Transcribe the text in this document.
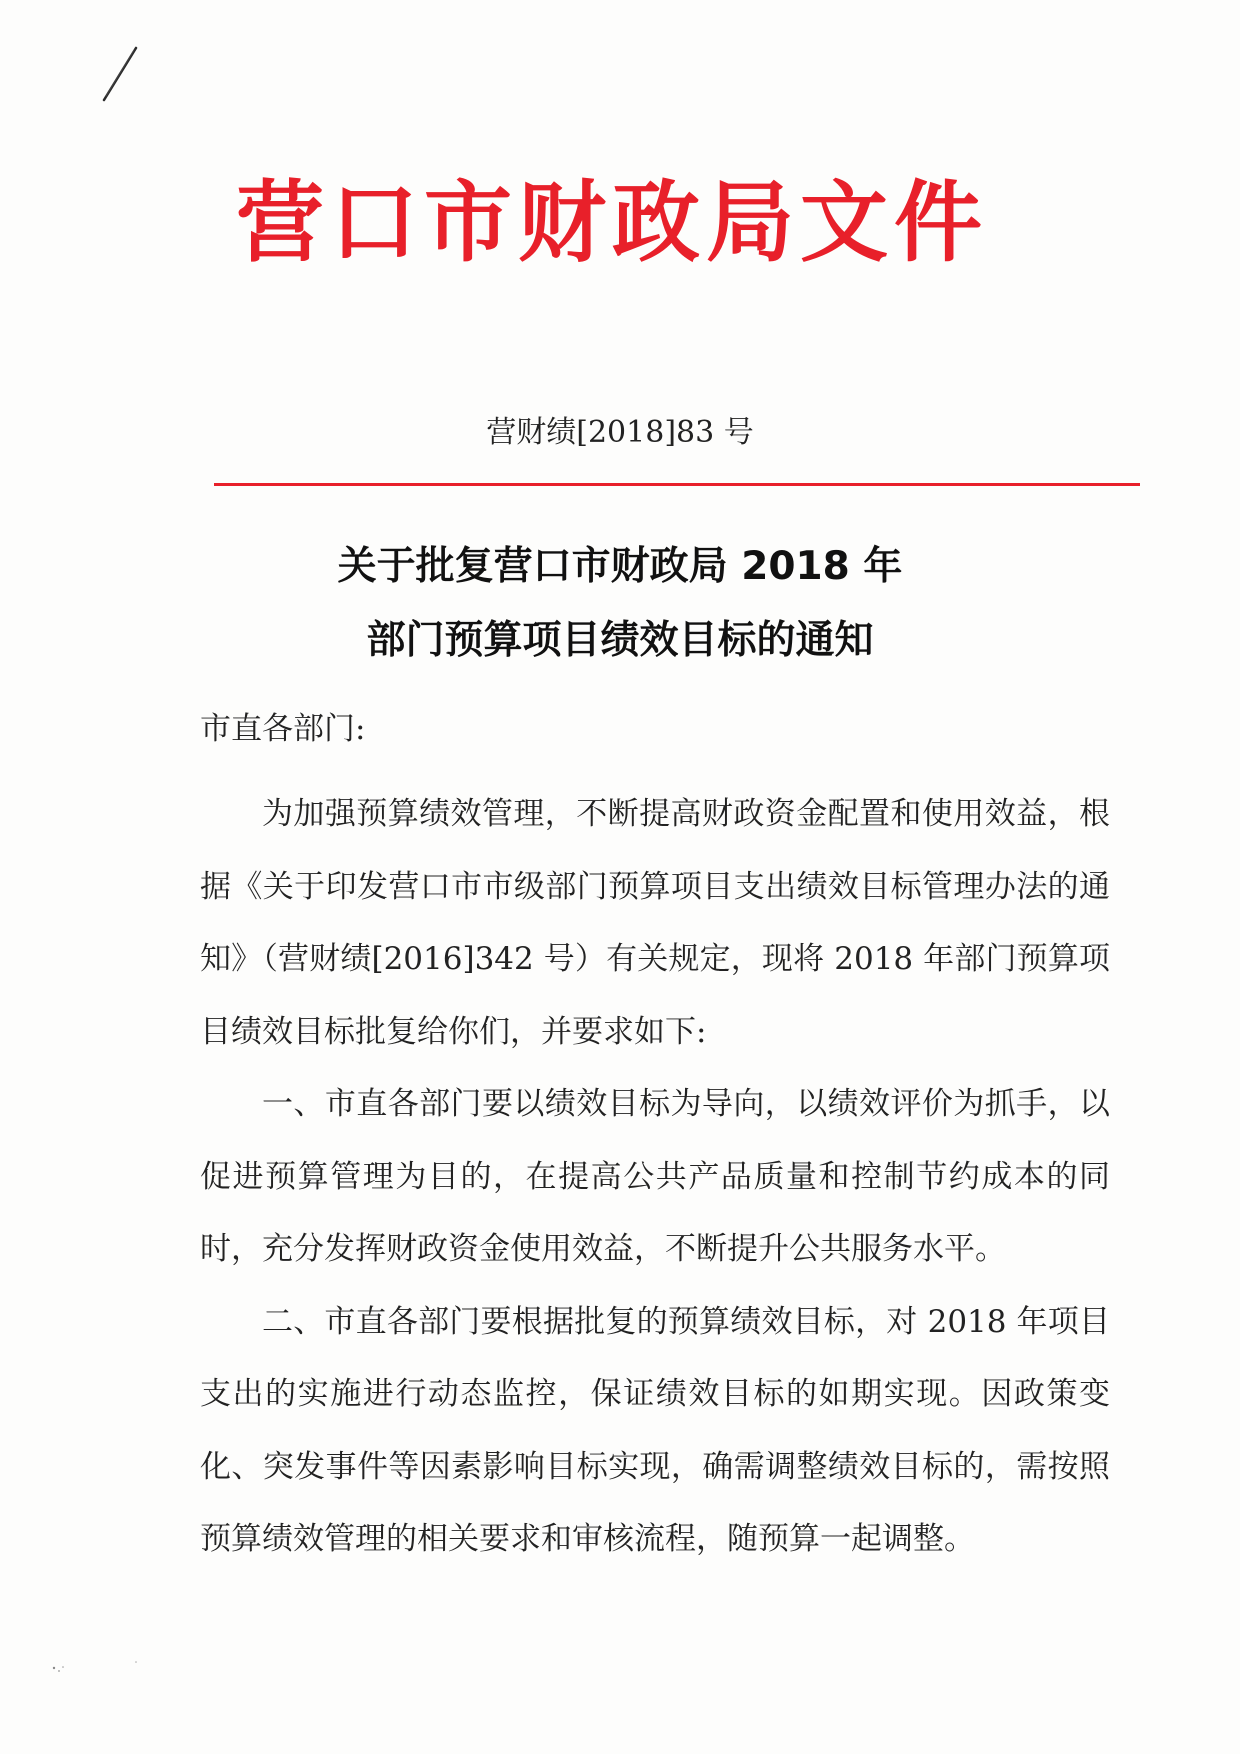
营口市财政局文件
营财绩[2018]83 号
关于批复营口市财政局 2018 年
部门预算项目绩效目标的通知
市直各部门:

为加强预算绩效管理，不断提高财政资金配置和使用效益，根据《关于印发营口市市级部门预算项目支出绩效目标管理办法的通知》（营财绩[2016]342 号）有关规定，现将 2018 年部门预算项目绩效目标批复给你们，并要求如下:

一、市直各部门要以绩效目标为导向，以绩效评价为抓手，以促进预算管理为目的，在提高公共产品质量和控制节约成本的同时，充分发挥财政资金使用效益，不断提升公共服务水平。

二、市直各部门要根据批复的预算绩效目标，对 2018 年项目支出的实施进行动态监控，保证绩效目标的如期实现。因政策变化、突发事件等因素影响目标实现，确需调整绩效目标的，需按照预算绩效管理的相关要求和审核流程，随预算一起调整。
